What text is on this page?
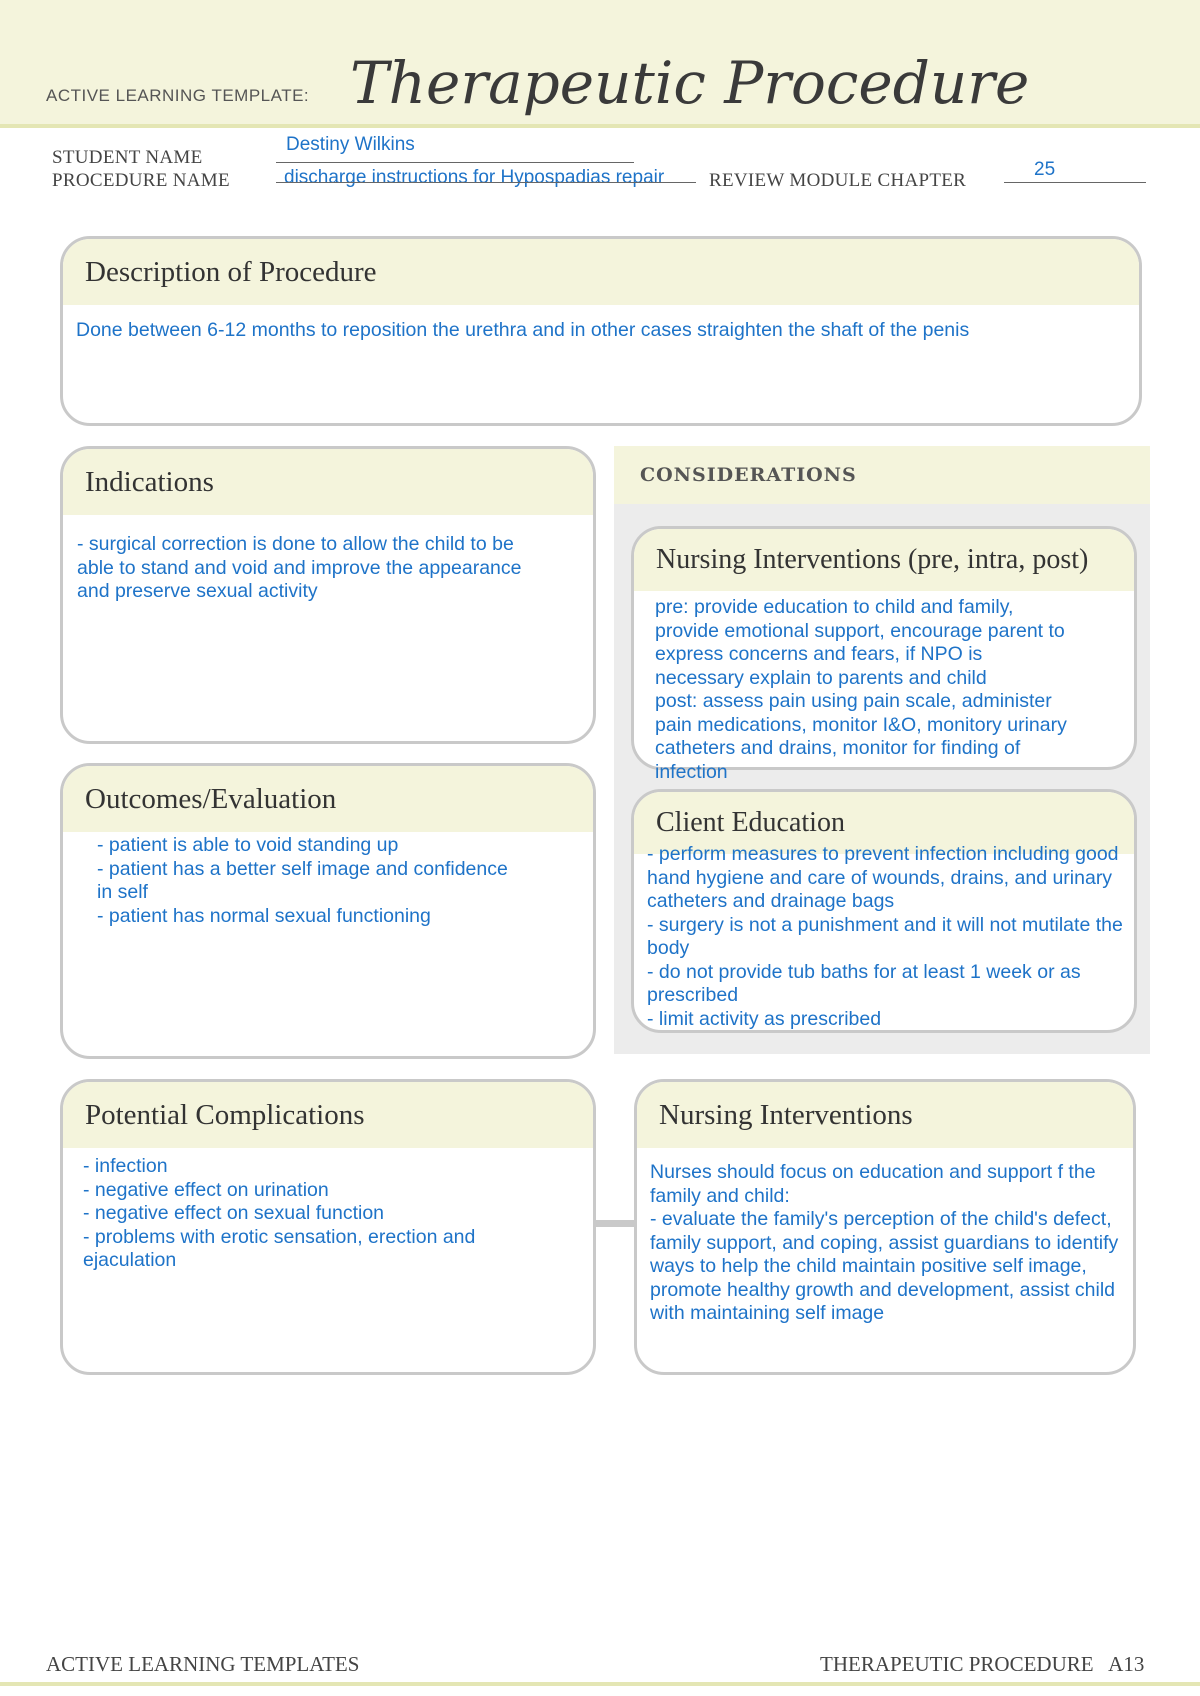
ACTIVE LEARNING TEMPLATE: Therapeutic Procedure
STUDENT NAME
Destiny Wilkins
PROCEDURE NAME	discharge instructions for Hypospadias repair REVIEW MODULE CHAPTER
25
Description of Procedure
Done between 6-12 months to reposition the urethra and in other cases straighten the shaft of the penis
Indications
- surgical correction is done to allow the child to be
able to stand and void and improve the appearance
and preserve sexual activity
Outcomes/Evaluation
- patient is able to void standing up
- patient has a better self image and confidence
in self
- patient has normal sexual functioning
CONSIDERATIONS
Nursing Interventions (pre, intra, post)
pre: provide education to child and family,
provide emotional support, encourage parent to
express concerns and fears, if NPO is
necessary explain to parents and child
post: assess pain using pain scale, administer
pain medications, monitor I&O, monitory urinary
catheters and drains, monitor for finding of
infection
Client Education
- perform measures to prevent infection including good
hand hygiene and care of wounds, drains, and urinary
catheters and drainage bags
- surgery is not a punishment and it will not mutilate the
body
- do not provide tub baths for at least 1 week or as
prescribed
- limit activity as prescribed
Potential Complications
- infection
- negative effect on urination
- negative effect on sexual function
- problems with erotic sensation, erection and
ejaculation
Nursing Interventions
Nurses should focus on education and support f the
family and child:
- evaluate the family's perception of the child's defect,
family support, and coping, assist guardians to identify
ways to help the child maintain positive self image,
promote healthy growth and development, assist child
with maintaining self image
ACTIVE LEARNING TEMPLATES	THERAPEUTIC PROCEDURE   A13
